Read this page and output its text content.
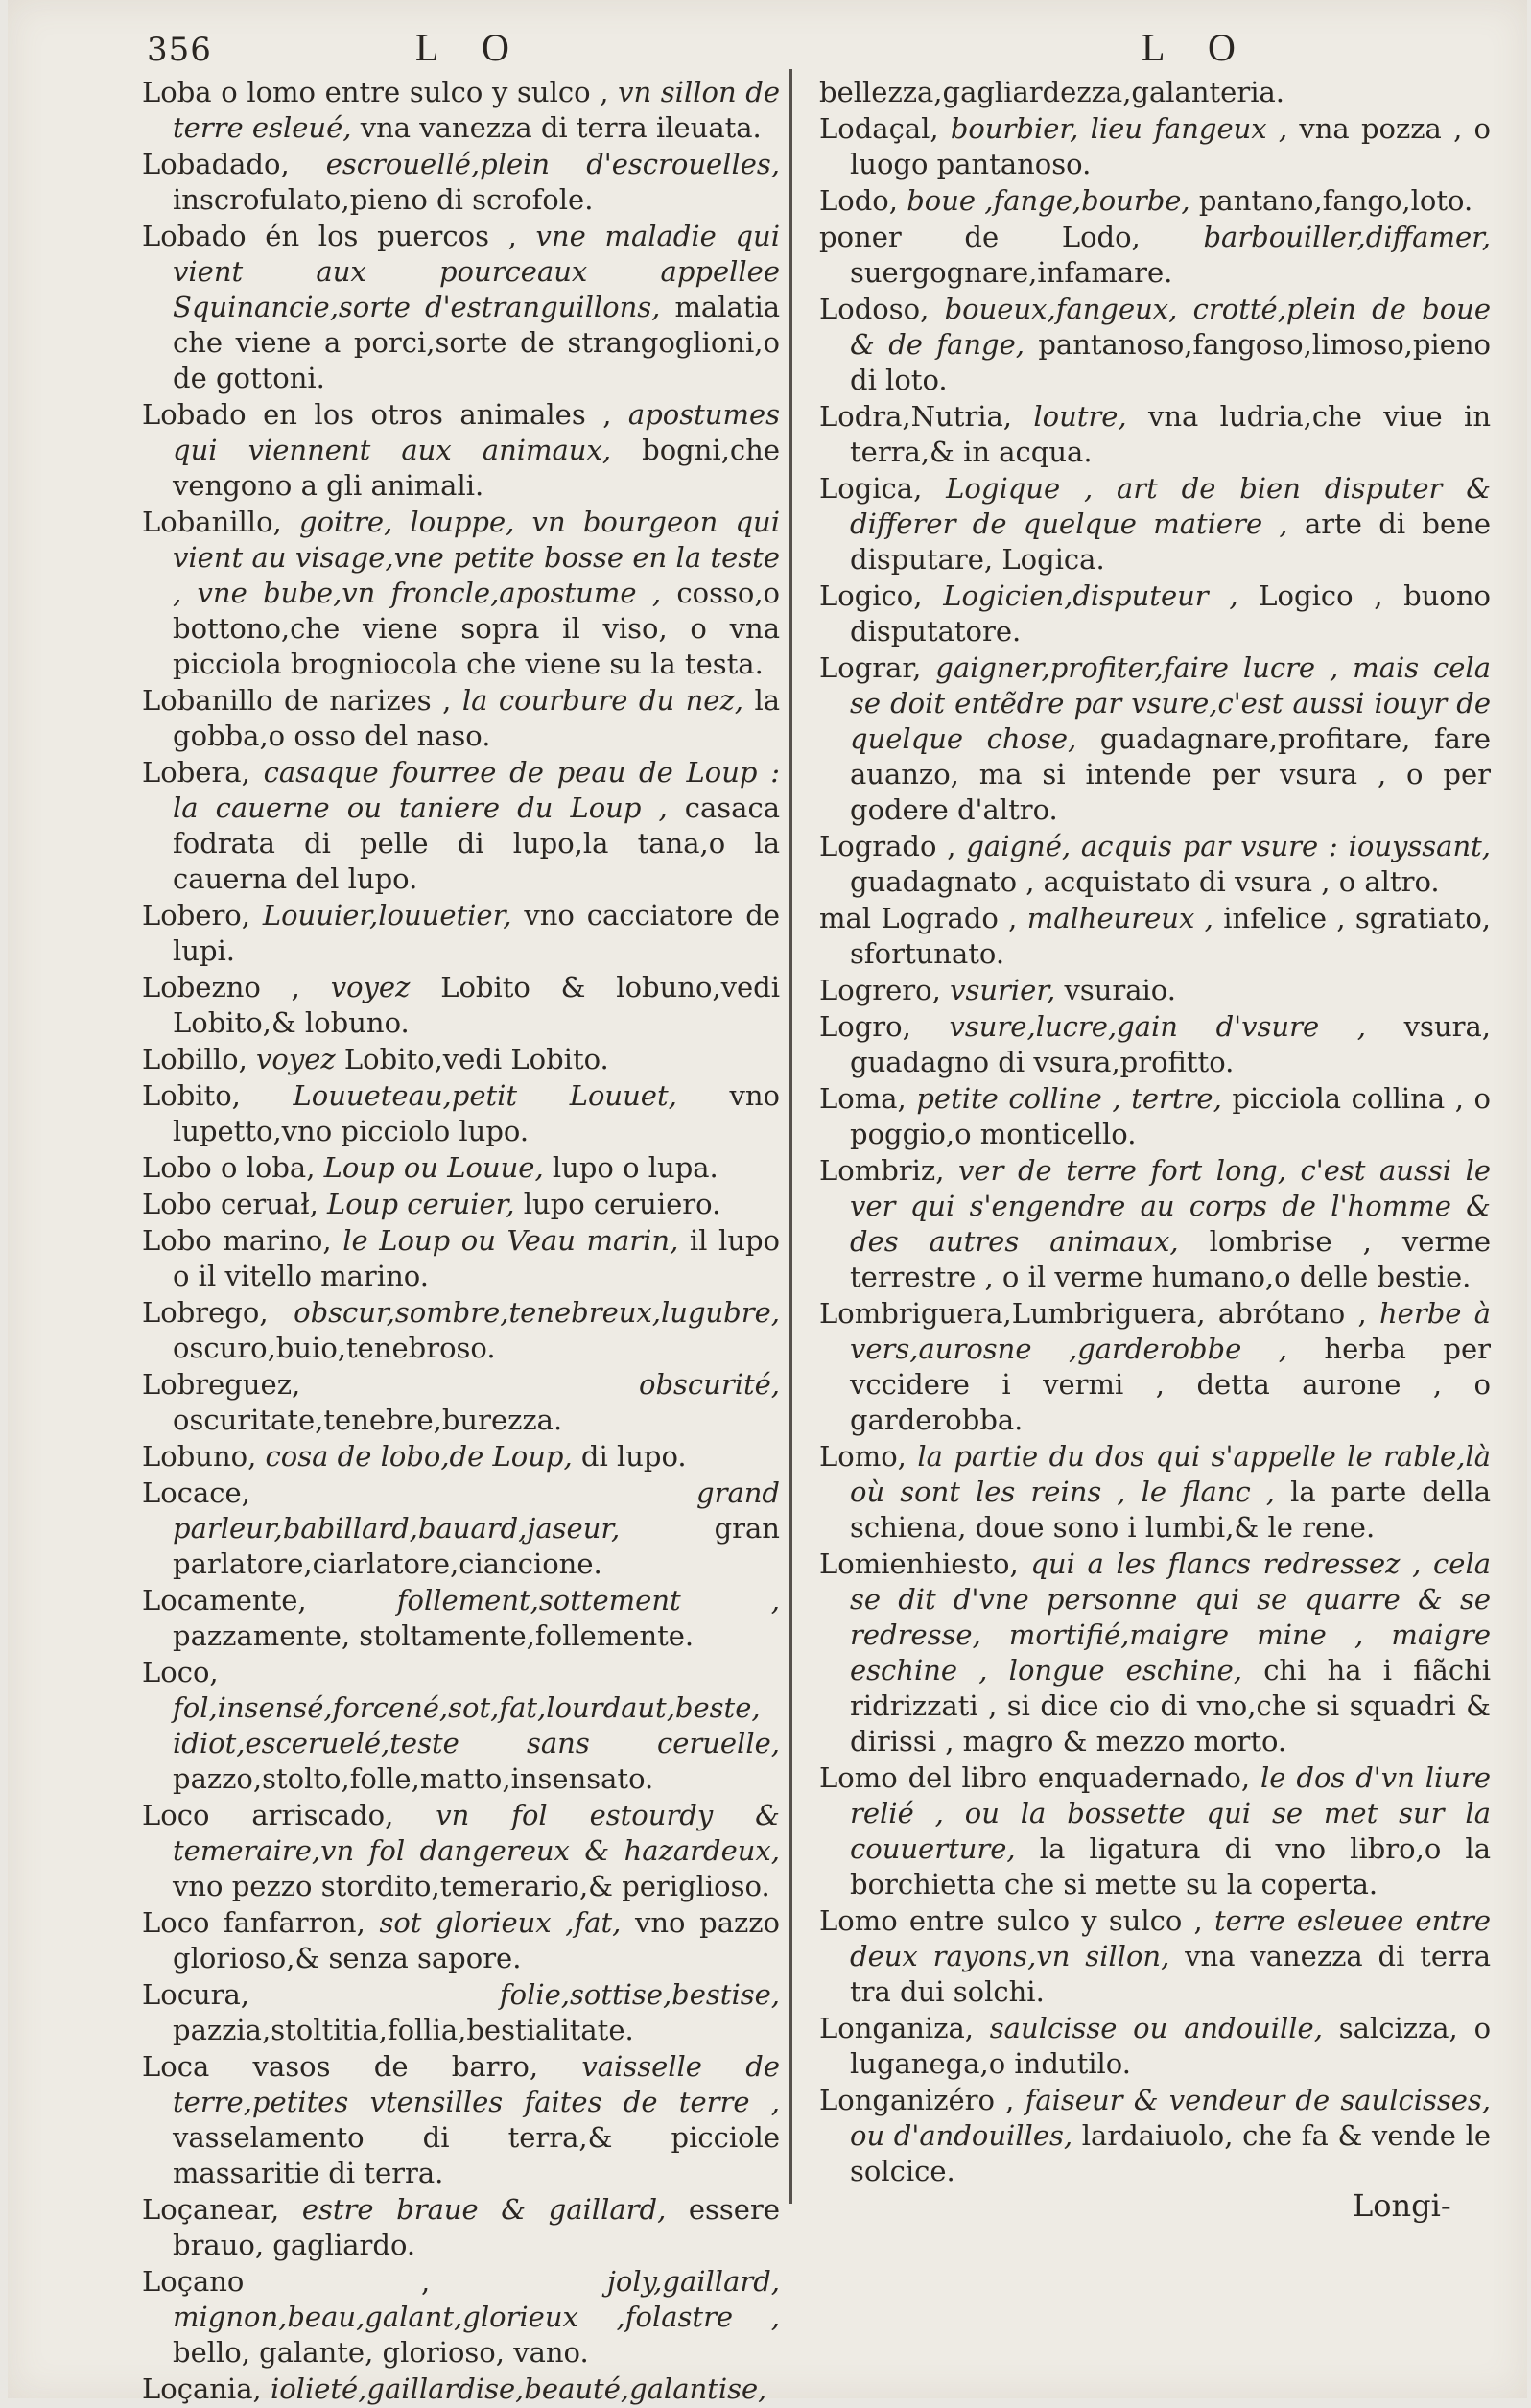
356	L O	L O

Loba o lomo entre sulco y sulco , vn sillon de terre esleué, vna vanezza di terra ileuata.

Lobadado, escrouellé,plein d'escrouelles, inscrofulato,pieno di scrofole.

Lobado én los puercos , vne maladie qui vient aux pourceaux appellee Squinancie,sorte d'estranguillons, malatia che viene a porci,sorte de strangoglioni,o de gottoni.

Lobado en los otros animales , apostumes qui viennent aux animaux, bogni,che vengono a gli animali.

Lobanillo, goitre, louppe, vn bourgeon qui vient au visage,vne petite bosse en la teste , vne bube,vn froncle,apostume , cosso,o bottono,che viene sopra il viso, o vna picciola brogniocola che viene su la testa.

Lobanillo de narizes , la courbure du nez, la gobba,o osso del naso.

Lobera, casaque fourree de peau de Loup : la cauerne ou taniere du Loup , casaca fodrata di pelle di lupo,la tana,o la cauerna del lupo.

Lobero, Louuier,louuetier, vno cacciatore de lupi.

Lobezno , voyez Lobito & lobuno,vedi Lobito,& lobuno.

Lobillo, voyez Lobito,vedi Lobito.

Lobito, Louueteau,petit Louuet, vno lupetto,vno picciolo lupo.

Lobo o loba, Loup ou Louue, lupo o lupa.

Lobo ceruał, Loup ceruier, lupo ceruiero.

Lobo marino, le Loup ou Veau marin, il lupo o il vitello marino.

Lobrego, obscur,sombre,tenebreux,lugubre, oscuro,buio,tenebroso.

Lobreguez,	obscurité, oscuritate,tenebre,burezza.

Lobuno, cosa de lobo,de Loup, di lupo.

Locace,	grand parleur,babillard,bauard,jaseur,	gran parlatore,ciarlatore,ciancione.

Locamente,	follement,sottement , pazzamente, stoltamente,follemente.

Loco, fol,insensé,forcené,sot,fat,lourdaut,beste, idiot,esceruelé,teste sans ceruelle, pazzo,stolto,folle,matto,insensato.

Loco arriscado, vn fol estourdy & temeraire,vn fol dangereux & hazardeux, vno pezzo stordito,temerario,& periglioso.

Loco fanfarron, sot glorieux ,fat, vno pazzo glorioso,& senza sapore.

Locura,	folie,sottise,bestise, pazzia,stoltitia,follia,bestialitate.

Loca vasos de barro, vaisselle de terre,petites vtensilles faites de terre , vasselamento di terra,& picciole massaritie di terra.

Loçanear, estre braue & gaillard, essere brauo, gagliardo.

Loçano ,	joly,gaillard, mignon,beau,galant,glorieux ,folastre , bello, galante, glorioso, vano.

Loçania, iolieté,gaillardise,beauté,galantise,

bellezza,gagliardezza,galanteria.

Lodaçal, bourbier, lieu fangeux , vna pozza , o luogo pantanoso.

Lodo, boue ,fange,bourbe, pantano,fango,loto.

poner de Lodo, barbouiller,diffamer, suergognare,infamare.

Lodoso, boueux,fangeux, crotté,plein de boue & de fange, pantanoso,fangoso,limoso,pieno di loto.

Lodra,Nutria, loutre, vna ludria,che viue in terra,& in acqua.

Logica, Logique , art de bien disputer & differer de quelque matiere , arte di bene disputare, Logica.

Logico, Logicien,disputeur , Logico , buono disputatore.

Lograr, gaigner,profiter,faire lucre , mais cela se doit entẽdre par vsure,c'est aussi iouyr de quelque chose, guadagnare,profitare, fare auanzo, ma si intende per vsura , o per godere d'altro.

Logrado , gaigné, acquis par vsure : iouyssant, guadagnato , acquistato di vsura , o altro.

mal Logrado , malheureux , infelice , sgratiato, sfortunato.

Logrero, vsurier, vsuraio.

Logro, vsure,lucre,gain d'vsure , vsura, guadagno di vsura,profitto.

Loma, petite colline , tertre, picciola collina , o poggio,o monticello.

Lombriz, ver de terre fort long, c'est aussi le ver qui s'engendre au corps de l'homme & des autres animaux, lombrise , verme terrestre , o il verme humano,o delle bestie.

Lombriguera,Lumbriguera, abrótano , herbe à vers,aurosne ,garderobbe , herba per vccidere i vermi , detta aurone , o garderobba.

Lomo, la partie du dos qui s'appelle le rable,là où sont les reins , le flanc , la parte della schiena, doue sono i lumbi,& le rene.

Lomienhiesto, qui a les flancs redressez , cela se dit d'vne personne qui se quarre & se redresse, mortifié,maigre mine , maigre eschine , longue eschine, chi ha i fiãchi ridrizzati , si dice cio di vno,che si squadri & dirissi , magro & mezzo morto.

Lomo del libro enquadernado, le dos d'vn liure relié , ou la bossette qui se met sur la couuerture, la ligatura di vno libro,o la borchietta che si mette su la coperta.

Lomo entre sulco y sulco , terre esleuee entre deux rayons,vn sillon, vna vanezza di terra tra dui solchi.

Longaniza, saulcisse ou andouille, salcizza, o luganega,o indutilo.

Longanizéro , faiseur & vendeur de saulcisses, ou d'andouilles, lardaiuolo, che fa & vende le solcice.

Longi-
